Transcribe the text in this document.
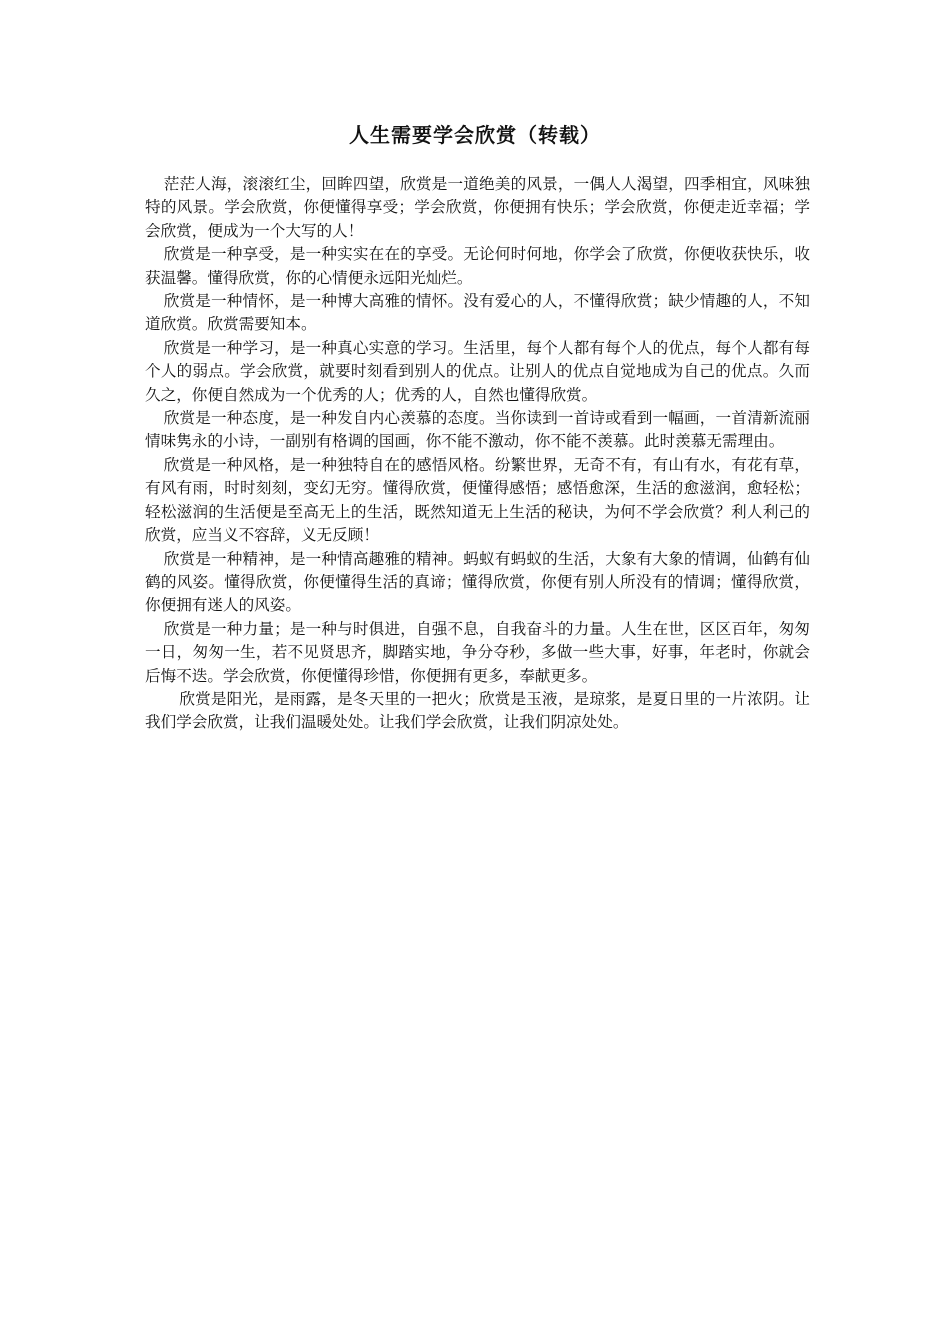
人生需要学会欣赏（转载）

茫茫人海，滚滚红尘，回眸四望，欣赏是一道绝美的风景，一偶人人渴望，四季相宜，风味独特的风景。学会欣赏，你便懂得享受；学会欣赏，你便拥有快乐；学会欣赏，你便走近幸福；学会欣赏，便成为一个大写的人！

欣赏是一种享受，是一种实实在在的享受。无论何时何地，你学会了欣赏，你便收获快乐，收获温馨。懂得欣赏，你的心情便永远阳光灿烂。

欣赏是一种情怀，是一种博大高雅的情怀。没有爱心的人，不懂得欣赏；缺少情趣的人，不知道欣赏。欣赏需要知本。

欣赏是一种学习，是一种真心实意的学习。生活里，每个人都有每个人的优点，每个人都有每个人的弱点。学会欣赏，就要时刻看到别人的优点。让别人的优点自觉地成为自己的优点。久而久之，你便自然成为一个优秀的人；优秀的人，自然也懂得欣赏。

欣赏是一种态度，是一种发自内心羡慕的态度。当你读到一首诗或看到一幅画，一首清新流丽情味隽永的小诗，一副别有格调的国画，你不能不激动，你不能不羡慕。此时羡慕无需理由。

欣赏是一种风格，是一种独特自在的感悟风格。纷繁世界，无奇不有，有山有水，有花有草，有风有雨，时时刻刻，变幻无穷。懂得欣赏，便懂得感悟；感悟愈深，生活的愈滋润，愈轻松；轻松滋润的生活便是至高无上的生活，既然知道无上生活的秘诀，为何不学会欣赏？利人利己的欣赏，应当义不容辞，义无反顾！

欣赏是一种精神，是一种情高趣雅的精神。蚂蚁有蚂蚁的生活，大象有大象的情调，仙鹤有仙鹤的风姿。懂得欣赏，你便懂得生活的真谛；懂得欣赏，你便有别人所没有的情调；懂得欣赏，你便拥有迷人的风姿。

欣赏是一种力量；是一种与时俱进，自强不息，自我奋斗的力量。人生在世，区区百年，匆匆一日，匆匆一生，若不见贤思齐，脚踏实地，争分夺秒，多做一些大事，好事，年老时，你就会后悔不迭。学会欣赏，你便懂得珍惜，你便拥有更多，奉献更多。

欣赏是阳光，是雨露，是冬天里的一把火；欣赏是玉液，是琼浆，是夏日里的一片浓阴。让我们学会欣赏，让我们温暖处处。让我们学会欣赏，让我们阴凉处处。
